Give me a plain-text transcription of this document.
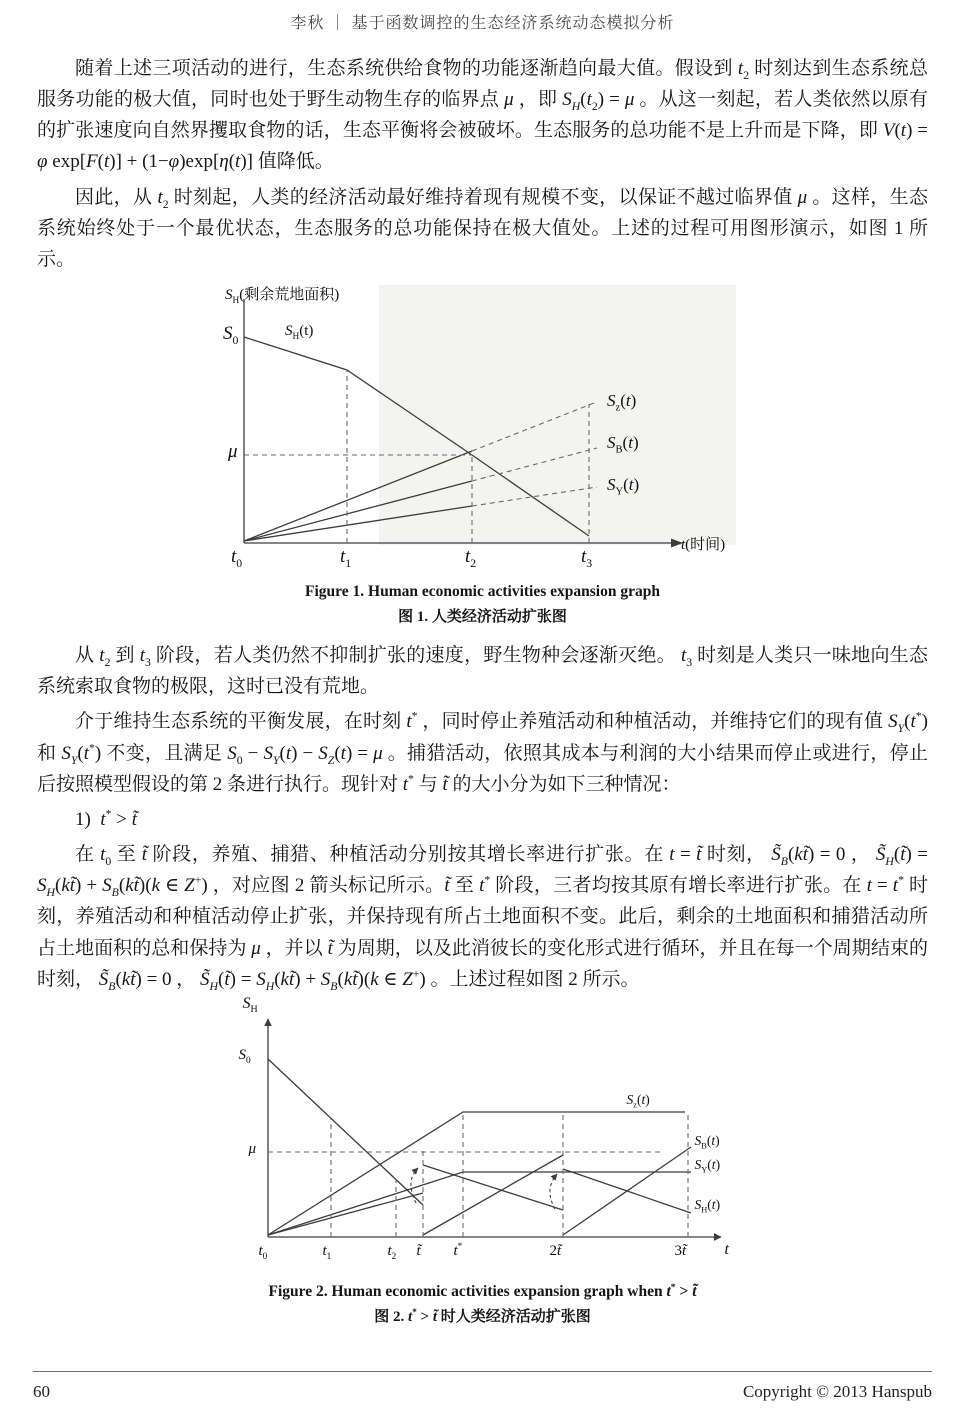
李秋 ｜ 基于函数调控的生态经济系统动态模拟分析

随着上述三项活动的进行，生态系统供给食物的功能逐渐趋向最大值。假设到 $t_2$ 时刻达到生态系统总服务功能的极大值，同时也处于野生动物生存的临界点 μ ，即 $S_H(t_2) = \mu$ 。从这一刻起，若人类依然以原有的扩张速度向自然界攫取食物的话，生态平衡将会被破坏。生态服务的总功能不是上升而是下降，即 V(t) = φ exp[F(t)] + (1−φ)exp[η(t)] 值降低。

因此，从 $t_2$ 时刻起，人类的经济活动最好维持着现有规模不变，以保证不越过临界值 μ 。这样，生态系统始终处于一个最优状态，生态服务的总功能保持在极大值处。上述的过程可用图形演示，如图 1 所示。

$S_H$(剩余荒地面积)
$S_0$
$S_H(t)$
μ
$S_z(t)$
$S_B(t)$
$S_Y(t)$
$t_0$	$t_1$	$t_2$	$t_3$
t(时间)
Figure 1. Human economic activities expansion graph
图 1. 人类经济活动扩张图

从 $t_2$ 到 $t_3$ 阶段，若人类仍然不抑制扩张的速度，野生物种会逐渐灭绝。 $t_3$ 时刻是人类只一味地向生态系统索取食物的极限，这时已没有荒地。

介于维持生态系统的平衡发展，在时刻 t* ，同时停止养殖活动和种植活动，并维持它们的现有值 $S_Y(t^*)$ 和 $S_Y(t^*)$ 不变，且满足 $S_0 - S_Y(t) - S_Z(t) = \mu$ 。捕猎活动，依照其成本与利润的大小结果而停止或进行，停止后按照模型假设的第 2 条进行执行。现针对 t* 与 t̃ 的大小分为如下三种情况：

1)  t* > t̃

在 $t_0$ 至 t̃ 阶段，养殖、捕猎、种植活动分别按其增长率进行扩张。在 t = t̃ 时刻， $S̃_B(kt̃) = 0$ ， $S̃_H(t̃)$ = $S_H(kt̃)$ + $S_B(kt̃)(k$ ∈ Z+) ，对应图 2 箭头标记所示。t̃ 至 t* 阶段，三者均按其原有增长率进行扩张。在 t = t* 时刻，养殖活动和种植活动停止扩张，并保持现有所占土地面积不变。此后，剩余的土地面积和捕猎活动所占土地面积的总和保持为 μ ，并以 t̃ 为周期，以及此消彼长的变化形式进行循环，并且在每一个周期结束的时刻， $S̃_B(kt̃) = 0$ ， $S̃_H(t̃)$ = $S_H(kt̃)$ + $S_B(kt̃)(k$ ∈ Z+) 。上述过程如图 2 所示。

$S_H$
$S_0$
μ
$S_z(t)$
$S_B(t)$
$S_Y(t)$
$S_H(t)$
$t_0$	$t_1$	$t_2$ t̃ t*	2t̃	3t̃ t
Figure 2. Human economic activities expansion graph when t* > t̃
图 2. t* > t̃ 时人类经济活动扩张图
60	Copyright © 2013 Hanspub
